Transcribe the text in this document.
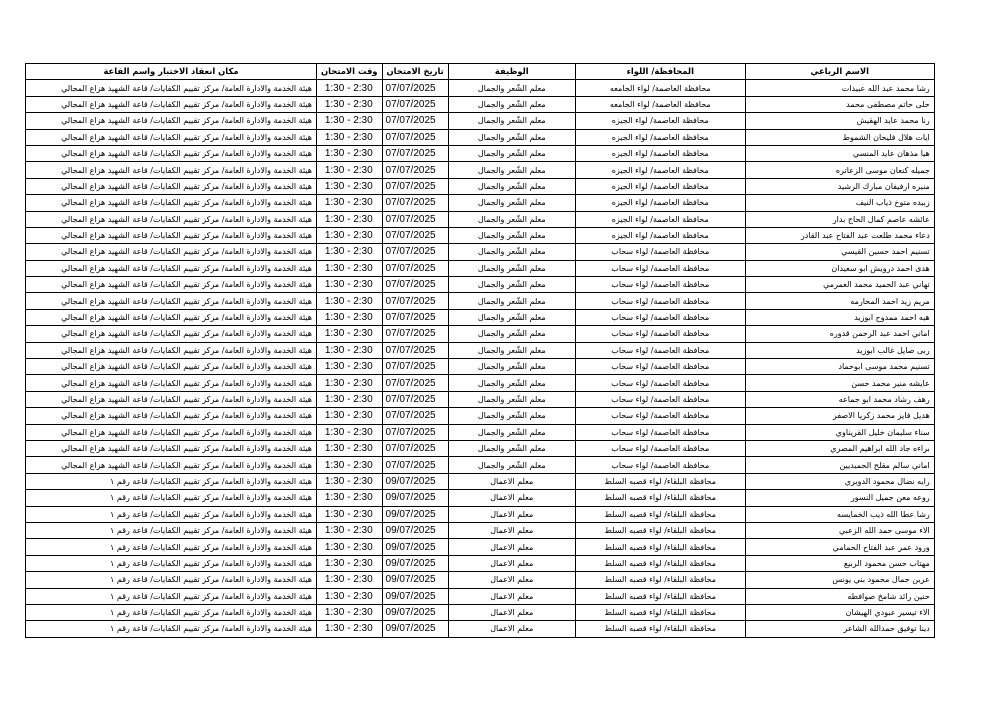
مكان انعقاد الاختبار واسم القاعة	وقت الامتحان	تاريخ الامتحان	الوظيفة	المحافظة/ اللواء	الاسم الرباعي
هيئة الخدمة والادارة العامة/ مركز تقييم الكفايات/ قاعة الشهيد هزاع المجالي	1:30 - 2:30	07/07/2025	معلم الشّعر والجمال	محافظة العاصمة/ لواء الجامعه	رشا محمد عبد الله عبيدات
هيئة الخدمة والادارة العامة/ مركز تقييم الكفايات/ قاعة الشهيد هزاع المجالي	1:30 - 2:30	07/07/2025	معلم الشّعر والجمال	محافظة العاصمة/ لواء الجامعه	حلى حاتم مصطفى محمد
هيئة الخدمة والادارة العامة/ مركز تقييم الكفايات/ قاعة الشهيد هزاع المجالي	1:30 - 2:30	07/07/2025	معلم الشّعر والجمال	محافظة العاصمة/ لواء الجيزه	رنا محمد عايد الهقيش
هيئة الخدمة والادارة العامة/ مركز تقييم الكفايات/ قاعة الشهيد هزاع المجالي	1:30 - 2:30	07/07/2025	معلم الشّعر والجمال	محافظة العاصمة/ لواء الجيزه	ايات هلال فليحان الشموط
هيئة الخدمة والادارة العامة/ مركز تقييم الكفايات/ قاعة الشهيد هزاع المجالي	1:30 - 2:30	07/07/2025	معلم الشّعر والجمال	محافظة العاصمة/ لواء الجيزه	هيا مذهان عايد المنسي
هيئة الخدمة والادارة العامة/ مركز تقييم الكفايات/ قاعة الشهيد هزاع المجالي	1:30 - 2:30	07/07/2025	معلم الشّعر والجمال	محافظة العاصمة/ لواء الجيزه	جميله كنعان موسى الزعاتره
هيئة الخدمة والادارة العامة/ مركز تقييم الكفايات/ قاعة الشهيد هزاع المجالي	1:30 - 2:30	07/07/2025	معلم الشّعر والجمال	محافظة العاصمة/ لواء الجيزه	منيره ارفيفان مبارك الرشيد
هيئة الخدمة والادارة العامة/ مركز تقييم الكفايات/ قاعة الشهيد هزاع المجالي	1:30 - 2:30	07/07/2025	معلم الشّعر والجمال	محافظة العاصمة/ لواء الجيزه	زبيده متوخ ذياب النيف
هيئة الخدمة والادارة العامة/ مركز تقييم الكفايات/ قاعة الشهيد هزاع المجالي	1:30 - 2:30	07/07/2025	معلم الشّعر والجمال	محافظة العاصمة/ لواء الجيزه	عائشه عاصم كمال الحاج بدار
هيئة الخدمة والادارة العامة/ مركز تقييم الكفايات/ قاعة الشهيد هزاع المجالي	1:30 - 2:30	07/07/2025	معلم الشّعر والجمال	محافظة العاصمة/ لواء الجيزه	دعاء محمد طلعت عبد الفتاح عبد القادر
هيئة الخدمة والادارة العامة/ مركز تقييم الكفايات/ قاعة الشهيد هزاع المجالي	1:30 - 2:30	07/07/2025	معلم الشّعر والجمال	محافظة العاصمة/ لواء سحاب	تسنيم احمد حسين القيسي
هيئة الخدمة والادارة العامة/ مركز تقييم الكفايات/ قاعة الشهيد هزاع المجالي	1:30 - 2:30	07/07/2025	معلم الشّعر والجمال	محافظة العاصمة/ لواء سحاب	هدى احمد درويش ابو سعيدان
هيئة الخدمة والادارة العامة/ مركز تقييم الكفايات/ قاعة الشهيد هزاع المجالي	1:30 - 2:30	07/07/2025	معلم الشّعر والجمال	محافظة العاصمة/ لواء سحاب	تهاني عبد الحميد محمد العمرمي
هيئة الخدمة والادارة العامة/ مركز تقييم الكفايات/ قاعة الشهيد هزاع المجالي	1:30 - 2:30	07/07/2025	معلم الشّعر والجمال	محافظة العاصمة/ لواء سحاب	مريم زيد احمد المحارمه
هيئة الخدمة والادارة العامة/ مركز تقييم الكفايات/ قاعة الشهيد هزاع المجالي	1:30 - 2:30	07/07/2025	معلم الشّعر والجمال	محافظة العاصمة/ لواء سحاب	هبه احمد ممدوح ابوزيد
هيئة الخدمة والادارة العامة/ مركز تقييم الكفايات/ قاعة الشهيد هزاع المجالي	1:30 - 2:30	07/07/2025	معلم الشّعر والجمال	محافظة العاصمة/ لواء سحاب	اماني احمد عبد الرحمن قدوره
هيئة الخدمة والادارة العامة/ مركز تقييم الكفايات/ قاعة الشهيد هزاع المجالي	1:30 - 2:30	07/07/2025	معلم الشّعر والجمال	محافظة العاصمة/ لواء سحاب	ربى صايل غالب ابوزيد
هيئة الخدمة والادارة العامة/ مركز تقييم الكفايات/ قاعة الشهيد هزاع المجالي	1:30 - 2:30	07/07/2025	معلم الشّعر والجمال	محافظة العاصمة/ لواء سحاب	تسنيم محمد موسى ابوحماد
هيئة الخدمة والادارة العامة/ مركز تقييم الكفايات/ قاعة الشهيد هزاع المجالي	1:30 - 2:30	07/07/2025	معلم الشّعر والجمال	محافظة العاصمة/ لواء سحاب	عايشه منير محمد حسن
هيئة الخدمة والادارة العامة/ مركز تقييم الكفايات/ قاعة الشهيد هزاع المجالي	1:30 - 2:30	07/07/2025	معلم الشّعر والجمال	محافظة العاصمة/ لواء سحاب	رهف رشاد محمد ابو جماعه
هيئة الخدمة والادارة العامة/ مركز تقييم الكفايات/ قاعة الشهيد هزاع المجالي	1:30 - 2:30	07/07/2025	معلم الشّعر والجمال	محافظة العاصمة/ لواء سحاب	هديل فايز محمد زكريا الاصفر
هيئة الخدمة والادارة العامة/ مركز تقييم الكفايات/ قاعة الشهيد هزاع المجالي	1:30 - 2:30	07/07/2025	معلم الشّعر والجمال	محافظة العاصمة/ لواء سحاب	سناء سليمان خليل القريناوي
هيئة الخدمة والادارة العامة/ مركز تقييم الكفايات/ قاعة الشهيد هزاع المجالي	1:30 - 2:30	07/07/2025	معلم الشّعر والجمال	محافظة العاصمة/ لواء سحاب	براءه جاد الله ابراهيم المصري
هيئة الخدمة والادارة العامة/ مركز تقييم الكفايات/ قاعة الشهيد هزاع المجالي	1:30 - 2:30	07/07/2025	معلم الشّعر والجمال	محافظة العاصمة/ لواء سحاب	اماني سالم مقلح الحميديين
هيئة الخدمة والادارة العامة/ مركز تقييم الكفايات/ قاعة رقم ١	1:30 - 2:30	09/07/2025	معلم الاعمال	محافظة البلقاء/ لواء قصبه السلط	رايه نضال محمود الدويري
هيئة الخدمة والادارة العامة/ مركز تقييم الكفايات/ قاعة رقم ١	1:30 - 2:30	09/07/2025	معلم الاعمال	محافظة البلقاء/ لواء قصبه السلط	روعه معن جميل النسور
هيئة الخدمة والادارة العامة/ مركز تقييم الكفايات/ قاعة رقم ١	1:30 - 2:30	09/07/2025	معلم الاعمال	محافظة البلقاء/ لواء قصبه السلط	رشا عطا الله ذيب الخمايسه
هيئة الخدمة والادارة العامة/ مركز تقييم الكفايات/ قاعة رقم ١	1:30 - 2:30	09/07/2025	معلم الاعمال	محافظة البلقاء/ لواء قصبه السلط	الاء موسى حمد الله الزعبي
هيئة الخدمة والادارة العامة/ مركز تقييم الكفايات/ قاعة رقم ١	1:30 - 2:30	09/07/2025	معلم الاعمال	محافظة البلقاء/ لواء قصبه السلط	ورود عمر عبد الفتاح الحمامي
هيئة الخدمة والادارة العامة/ مركز تقييم الكفايات/ قاعة رقم ١	1:30 - 2:30	09/07/2025	معلم الاعمال	محافظة البلقاء/ لواء قصبه السلط	مهتاب حسن محمود الربيع
هيئة الخدمة والادارة العامة/ مركز تقييم الكفايات/ قاعة رقم ١	1:30 - 2:30	09/07/2025	معلم الاعمال	محافظة البلقاء/ لواء قصبه السلط	عرين جمال محمود بني يونس
هيئة الخدمة والادارة العامة/ مركز تقييم الكفايات/ قاعة رقم ١	1:30 - 2:30	09/07/2025	معلم الاعمال	محافظة البلقاء/ لواء قصبه السلط	حنين رائد شامخ صوافطه
هيئة الخدمة والادارة العامة/ مركز تقييم الكفايات/ قاعة رقم ١	1:30 - 2:30	09/07/2025	معلم الاعمال	محافظة البلقاء/ لواء قصبه السلط	الاء تيسير عبودي الهيشان
هيئة الخدمة والادارة العامة/ مركز تقييم الكفايات/ قاعة رقم ١	1:30 - 2:30	09/07/2025	معلم الاعمال	محافظة البلقاء/ لواء قصبه السلط	دينا توفيق حمدالله الشاعر
